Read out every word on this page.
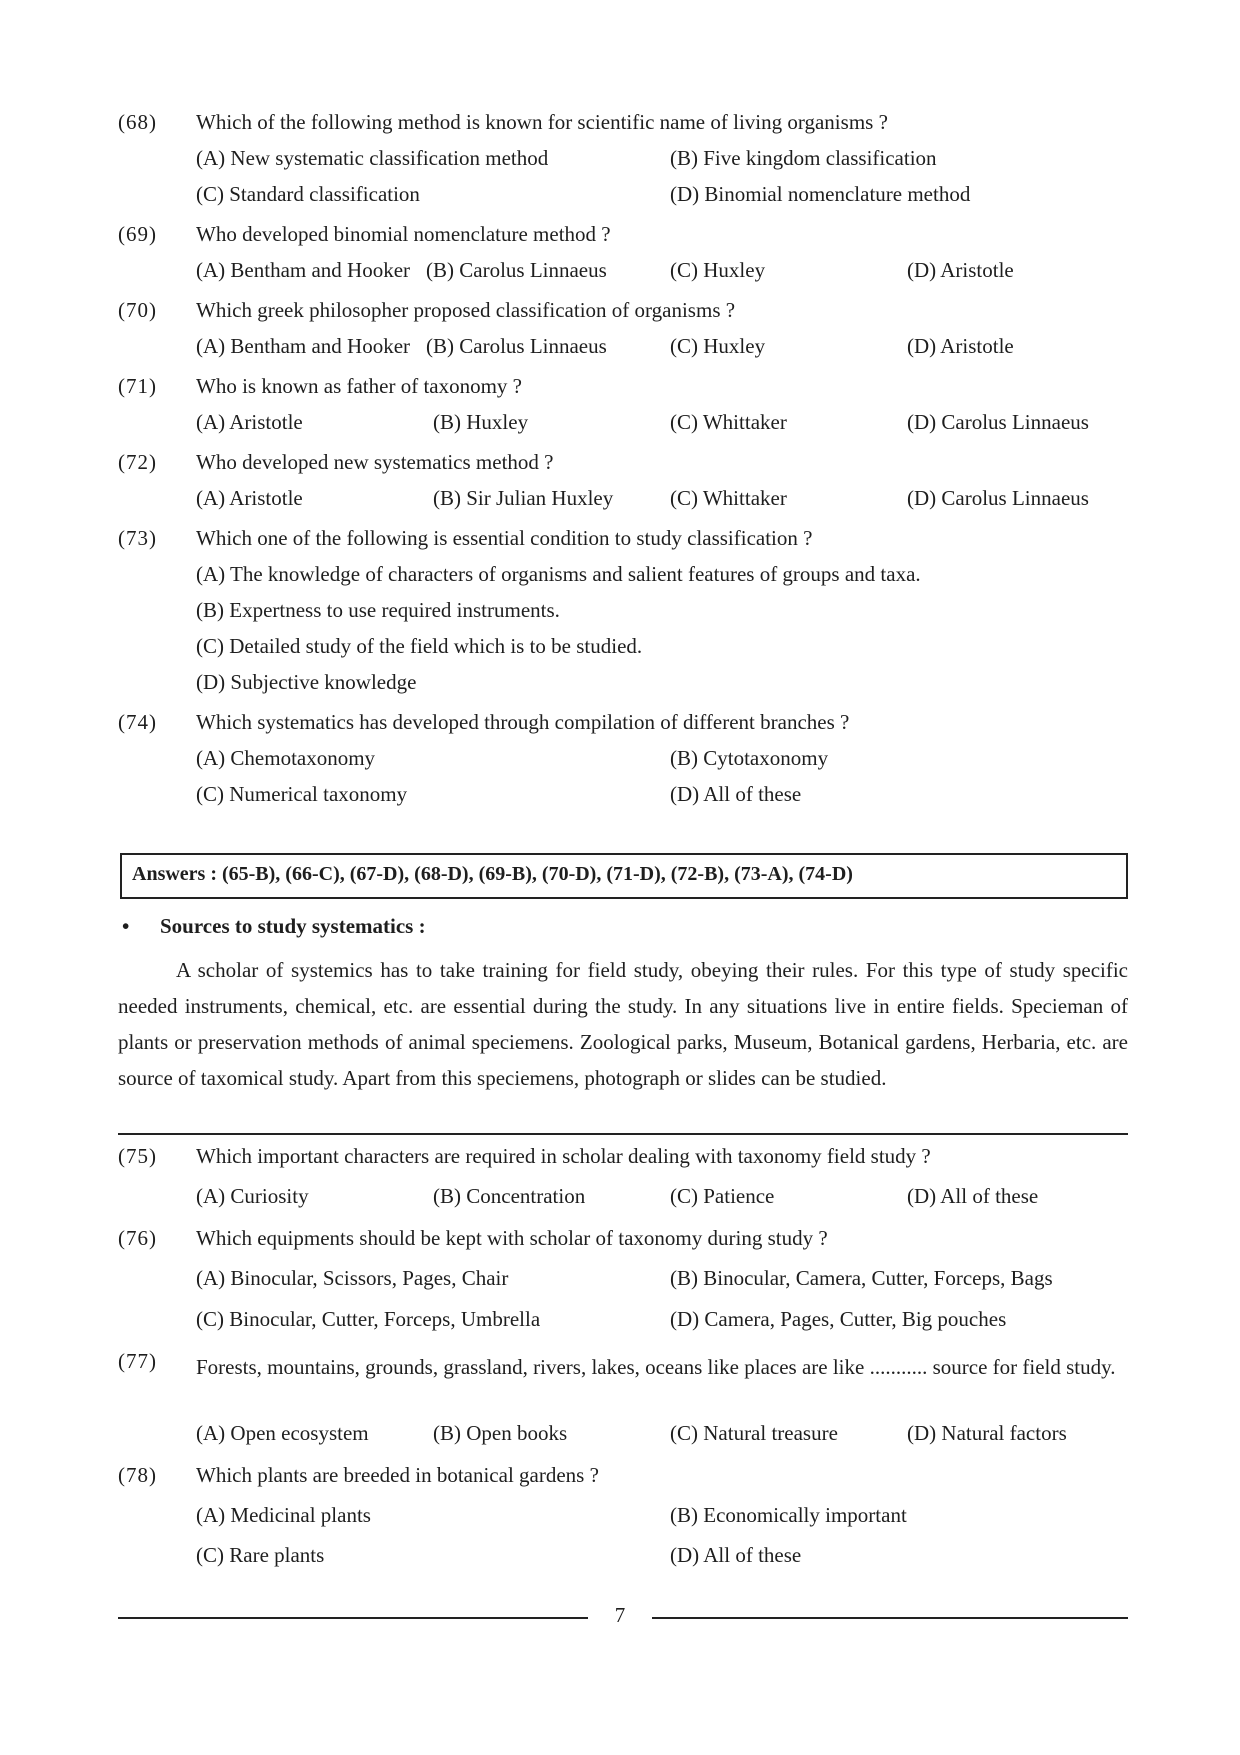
(68) Which of the following method is known for scientific name of living organisms ?
(A) New systematic classification method	(B) Five kingdom classification
(C) Standard classification	(D) Binomial nomenclature method
(69) Who developed binomial nomenclature method ?
(A) Bentham and Hooker (B) Carolus Linnaeus	(C) Huxley	(D) Aristotle
(70) Which greek philosopher proposed classification of organisms ?
(A) Bentham and Hooker (B) Carolus Linnaeus	(C) Huxley	(D) Aristotle
(71) Who is known as father of taxonomy ?
(A) Aristotle	(B) Huxley	(C) Whittaker	(D) Carolus Linnaeus
(72) Who developed new systematics method ?
(A) Aristotle	(B) Sir Julian Huxley	(C) Whittaker	(D) Carolus Linnaeus
(73) Which one of the following is essential condition to study classification ?
(A) The knowledge of characters of organisms and salient features of groups and taxa.
(B) Expertness to use required instruments.
(C) Detailed study of the field which is to be studied.
(D) Subjective knowledge
(74) Which systematics has developed through compilation of different branches ?
(A) Chemotaxonomy	(B) Cytotaxonomy
(C) Numerical taxonomy	(D) All of these
Answers : (65-B), (66-C), (67-D), (68-D), (69-B), (70-D), (71-D), (72-B), (73-A), (74-D)
• Sources to study systematics :
A scholar of systemics has to take training for field study, obeying their rules. For this type of study specific needed instruments, chemical, etc. are essential during the study. In any situations live in entire fields. Specieman of plants or preservation methods of animal speciemens. Zoological parks, Museum, Botanical gardens, Herbaria, etc. are source of taxomical study. Apart from this speciemens, photograph or slides can be studied.
(75) Which important characters are required in scholar dealing with taxonomy field study ?
(A) Curiosity	(B) Concentration	(C) Patience	(D) All of these
(76) Which equipments should be kept with scholar of taxonomy during study ?
(A) Binocular, Scissors, Pages, Chair	(B) Binocular, Camera, Cutter, Forceps, Bags
(C) Binocular, Cutter, Forceps, Umbrella	(D) Camera, Pages, Cutter, Big pouches
(77) Forests, mountains, grounds, grassland, rivers, lakes, oceans like places are like ........... source for field study.
(A) Open ecosystem	(B) Open books	(C) Natural treasure	(D) Natural factors
(78) Which plants are breeded in botanical gardens ?
(A) Medicinal plants	(B) Economically important
(C) Rare plants	(D) All of these
7
